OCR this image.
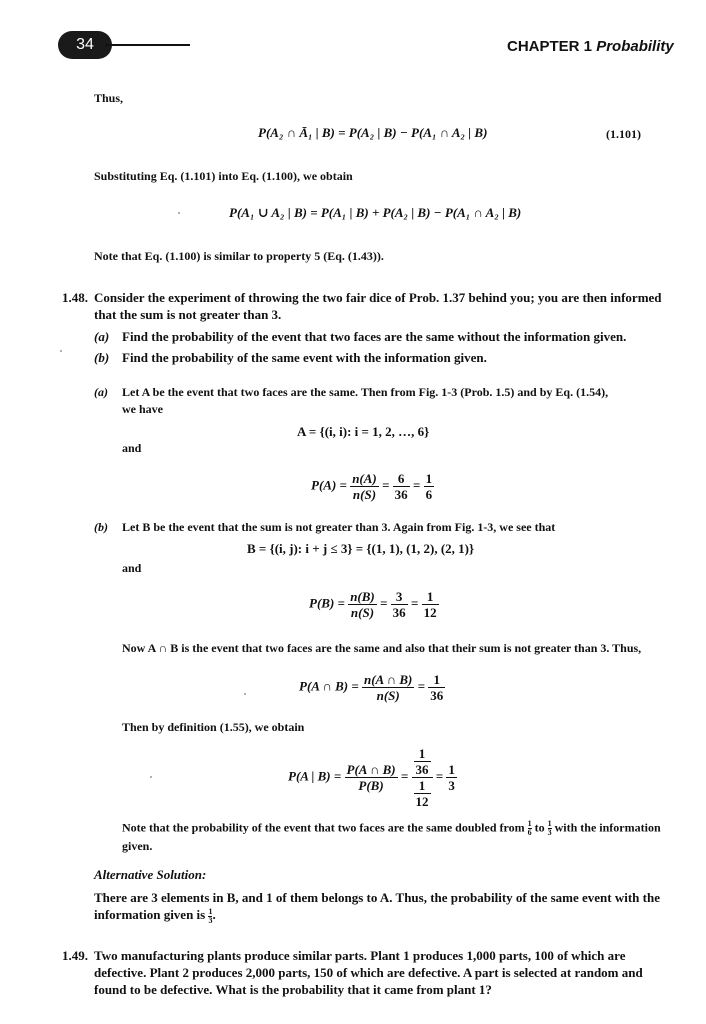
34	CHAPTER 1 Probability
Thus,
P(A₂ ∩ Ā₁ | B) = P(A₂ | B) − P(A₁ ∩ A₂ | B)	(1.101)
Substituting Eq. (1.101) into Eq. (1.100), we obtain
P(A₁ ∪ A₂ | B) = P(A₁ | B) + P(A₂ | B) − P(A₁ ∩ A₂ | B)
Note that Eq. (1.100) is similar to property 5 (Eq. (1.43)).
1.48. Consider the experiment of throwing the two fair dice of Prob. 1.37 behind you; you are then informed
that the sum is not greater than 3.
(a) Find the probability of the event that two faces are the same without the information given.
(b) Find the probability of the same event with the information given.
(a) Let A be the event that two faces are the same. Then from Fig. 1-3 (Prob. 1.5) and by Eq. (1.54),
we have
A = {(i, i): i = 1, 2, …, 6}
and
$P(A) = \frac{n(A)}{n(S)} = \frac{6}{36} = \frac{1}{6}$
(b) Let B be the event that the sum is not greater than 3. Again from Fig. 1-3, we see that
B = {(i, j): i + j ≤ 3} = {(1, 1), (1, 2), (2, 1)}
and
$P(B) = \frac{n(B)}{n(S)} = \frac{3}{36} = \frac{1}{12}$
Now A ∩ B is the event that two faces are the same and also that their sum is not greater than 3. Thus,
P(A ∩ $B) = \frac{n(A \cap B)}{n(S)} = \frac{1}{36}$
Then by definition (1.55), we obtain
P(A | $B) = \frac{P(A \cap B)}{P(B)} = \frac{\frac{1}{36}}{\frac{1}{12}} = \frac{1}{3}$
Note that the probability of the event that two faces are the same doubled from $\frac{1}{6}$ to $\frac{1}{3}$ with the information
given.
Alternative Solution:
There are 3 elements in B, and 1 of them belongs to A. Thus, the probability of the same event with the
information given is $\frac{1}{3}$ .
1.49. Two manufacturing plants produce similar parts. Plant 1 produces 1,000 parts, 100 of which are
defective. Plant 2 produces 2,000 parts, 150 of which are defective. A part is selected at random and
found to be defective. What is the probability that it came from plant 1?
